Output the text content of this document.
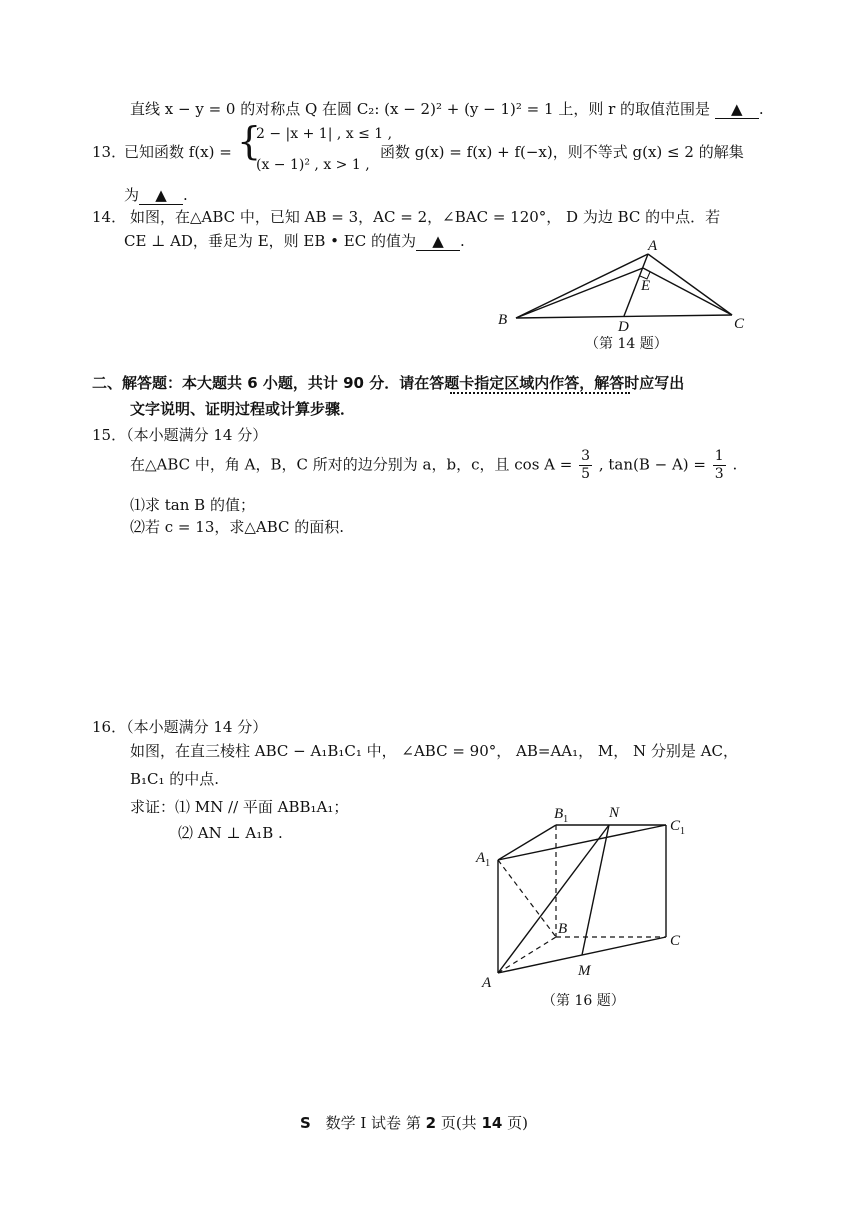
直线 x − y = 0 的对称点 Q 在圆 C₂: (x − 2)² + (y − 1)² = 1 上，则 r 的取值范围是 ▲ .
13．
已知函数 f(x) = {
2 − |x + 1| , x ≤ 1 ,
(x − 1)² , x > 1 ,
函数 g(x) = f(x) + f(−x)，则不等式 g(x) ≤ 2 的解集
为 ▲ .
14． 如图，在△ABC 中，已知 AB = 3，AC = 2，∠BAC = 120°， D 为边 BC 的中点．若
CE ⊥ AD，垂足为 E，则 EB • EC 的值为 ▲ .	A
E
B	D	C
（第 14 题）
二、解答题：本大题共 6 小题，共计 90 分．请在答题卡指定区域内作答，解答时应写出
文字说明、证明过程或计算步骤．
15．（本小题满分 14 分）
在△ABC 中，角 A，B，C 所对的边分别为 a，b，c，且 $\cos A = \frac{3}{5}$ , $\tan(B - A) = \frac{1}{3}$ .
⑴求 tan B 的值；
⑵若 c = 13，求△ABC 的面积.
16．（本小题满分 14 分）
如图，在直三棱柱 ABC − A₁B₁C₁ 中， ∠ABC = 90°， AB=AA₁， M， N 分别是 AC，
B₁C₁ 的中点.
求证：⑴ MN // 平面 ABB₁A₁；
⑵ AN ⊥ A₁B .
$B_1$	N
$C_1$
$A_1$
B
C
M
A
（第 16 题）
S 数学 I 试卷 第 2 页(共 14 页)
